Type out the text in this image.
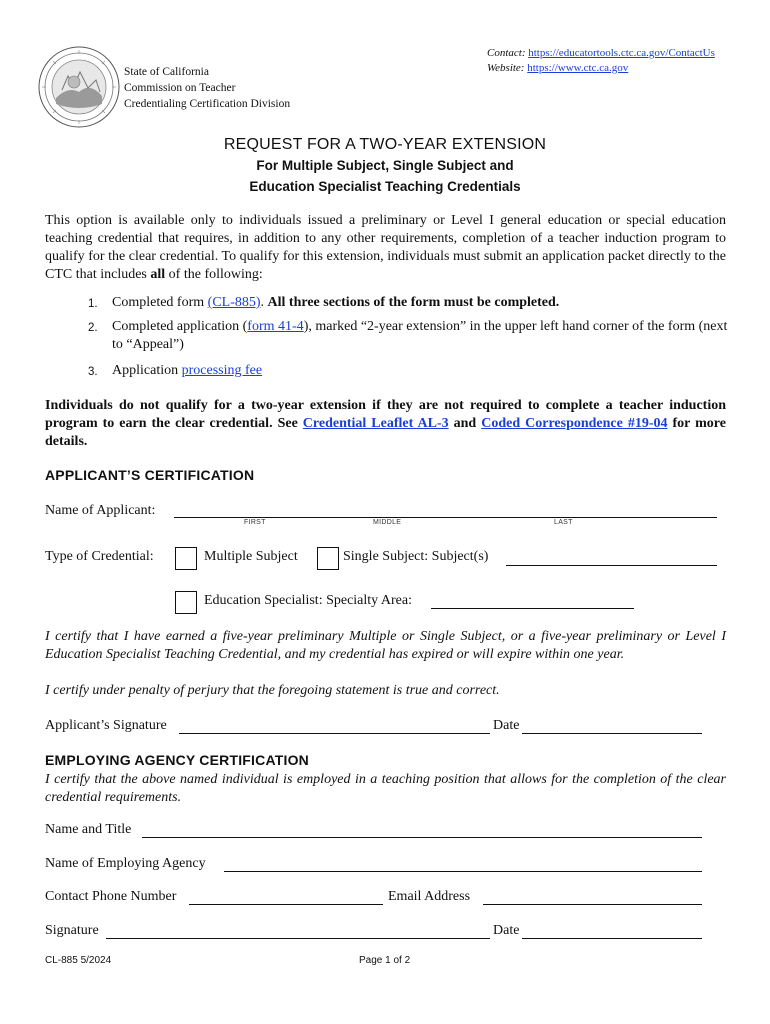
State of California
Commission on Teacher
Credentialing Certification Division
Contact: https://educatortools.ctc.ca.gov/ContactUs
Website: https://www.ctc.ca.gov
REQUEST FOR A TWO-YEAR EXTENSION
For Multiple Subject, Single Subject and
Education Specialist Teaching Credentials
This option is available only to individuals issued a preliminary or Level I general education or special education teaching credential that requires, in addition to any other requirements, completion of a teacher induction program to qualify for the clear credential. To qualify for this extension, individuals must submit an application packet directly to the CTC that includes all of the following:
1. Completed form (CL-885). All three sections of the form must be completed.
2. Completed application (form 41-4), marked “2-year extension” in the upper left hand corner of the form (next to “Appeal”)
3. Application processing fee
Individuals do not qualify for a two-year extension if they are not required to complete a teacher induction program to earn the clear credential. See Credential Leaflet AL-3 and Coded Correspondence #19-04 for more details.
APPLICANT’S CERTIFICATION
Name of Applicant:
FIRST	MIDDLE	LAST
Type of Credential:	Multiple Subject	Single Subject: Subject(s)
Education Specialist: Specialty Area:
I certify that I have earned a five-year preliminary Multiple or Single Subject, or a five-year preliminary or Level I Education Specialist Teaching Credential, and my credential has expired or will expire within one year.
I certify under penalty of perjury that the foregoing statement is true and correct.
Applicant’s Signature	Date
EMPLOYING AGENCY CERTIFICATION
I certify that the above named individual is employed in a teaching position that allows for the completion of the clear credential requirements.
Name and Title
Name of Employing Agency
Contact Phone Number	Email Address
Signature	Date
CL-885 5/2024	Page 1 of 2
